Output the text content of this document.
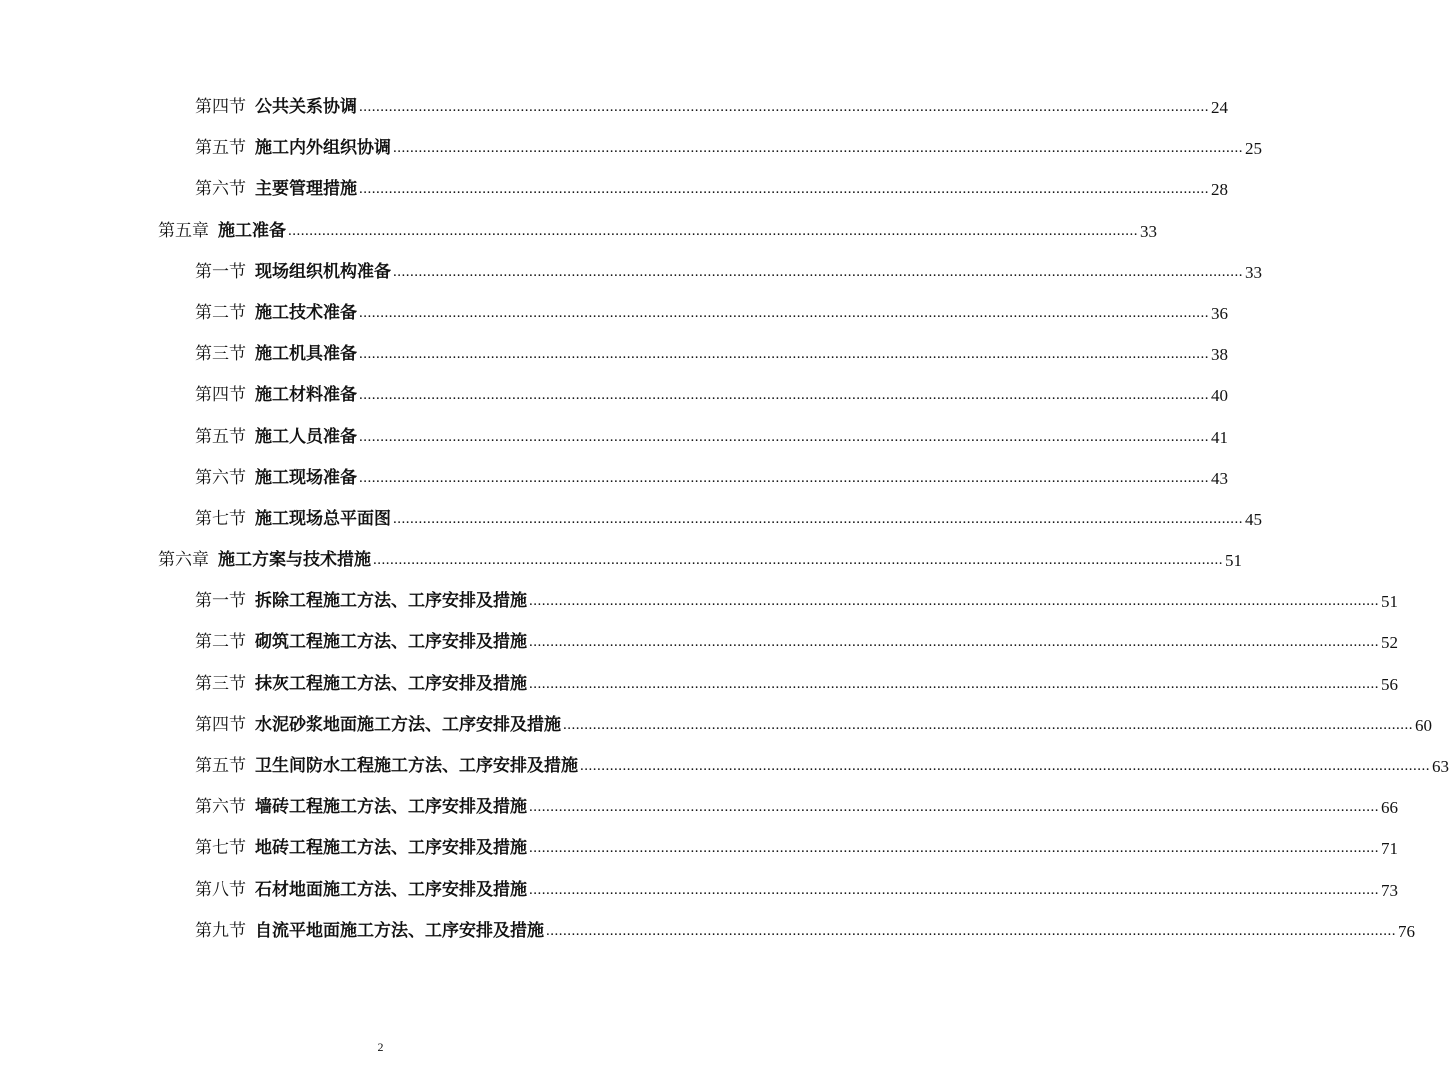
第四节 公共关系协调 ........................................................................................................................................................................................................ 24
第五节 施工内外组织协调 ........................................................................................................................................................................................................ 25
第六节 主要管理措施 ........................................................................................................................................................................................................ 28
第五章 施工准备 ........................................................................................................................................................................................................ 33
第一节 现场组织机构准备 ........................................................................................................................................................................................................ 33
第二节 施工技术准备 ........................................................................................................................................................................................................ 36
第三节 施工机具准备 ........................................................................................................................................................................................................ 38
第四节 施工材料准备 ........................................................................................................................................................................................................ 40
第五节 施工人员准备 ........................................................................................................................................................................................................ 41
第六节 施工现场准备 ........................................................................................................................................................................................................ 43
第七节 施工现场总平面图 ........................................................................................................................................................................................................ 45
第六章 施工方案与技术措施 ........................................................................................................................................................................................................ 51
第一节 拆除工程施工方法、工序安排及措施 ........................................................................................................................................................................................................ 51
第二节 砌筑工程施工方法、工序安排及措施 ........................................................................................................................................................................................................ 52
第三节 抹灰工程施工方法、工序安排及措施 ........................................................................................................................................................................................................ 56
第四节 水泥砂浆地面施工方法、工序安排及措施 ........................................................................................................................................................................................................ 60
第五节 卫生间防水工程施工方法、工序安排及措施 ........................................................................................................................................................................................................ 63
第六节 墙砖工程施工方法、工序安排及措施 ........................................................................................................................................................................................................ 66
第七节 地砖工程施工方法、工序安排及措施 ........................................................................................................................................................................................................ 71
第八节 石材地面施工方法、工序安排及措施 ........................................................................................................................................................................................................ 73
第九节 自流平地面施工方法、工序安排及措施 ........................................................................................................................................................................................................ 76
2
